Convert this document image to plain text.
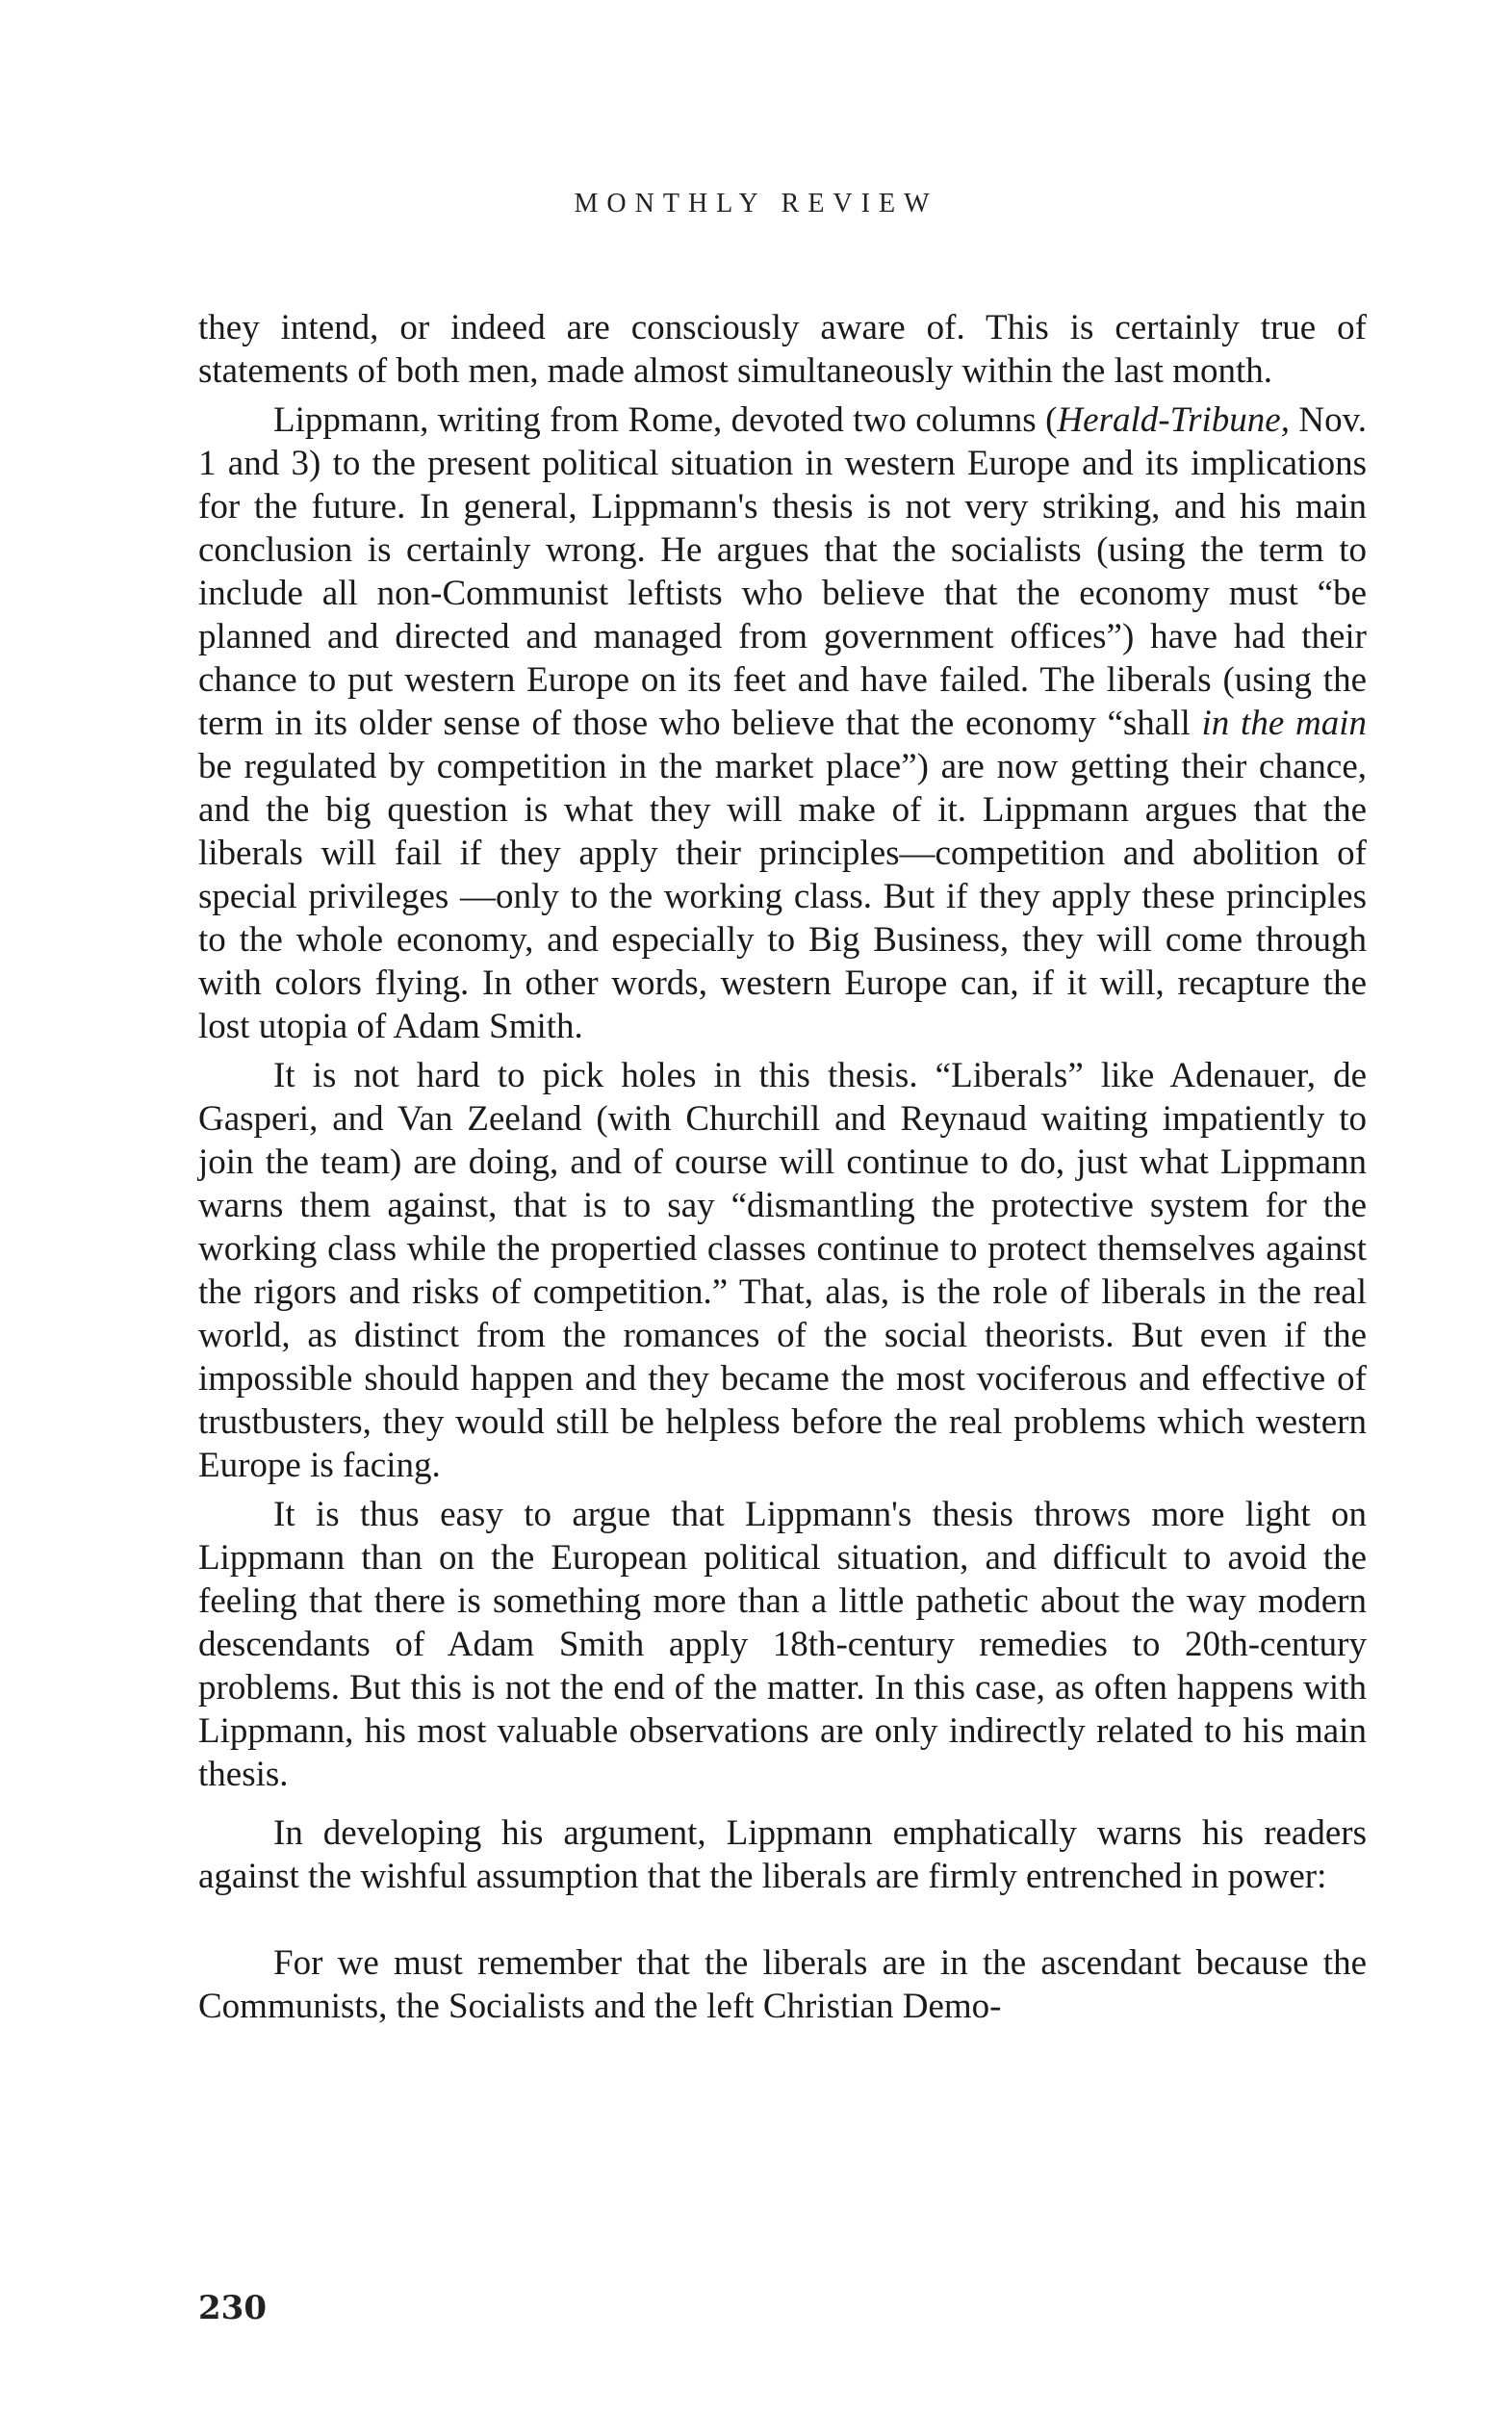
MONTHLY REVIEW

they intend, or indeed are consciously aware of. This is certainly true of statements of both men, made almost simultaneously within the last month.

Lippmann, writing from Rome, devoted two columns (Herald-Tribune, Nov. 1 and 3) to the present political situation in western Europe and its implications for the future. In general, Lippmann's thesis is not very striking, and his main conclusion is certainly wrong. He argues that the socialists (using the term to include all non-Communist leftists who believe that the economy must “be planned and directed and managed from government offices”) have had their chance to put western Europe on its feet and have failed. The liberals (using the term in its older sense of those who believe that the economy “shall in the main be regulated by competition in the market place”) are now getting their chance, and the big question is what they will make of it. Lippmann argues that the liberals will fail if they apply their principles—competition and abolition of special privileges —only to the working class. But if they apply these principles to the whole economy, and especially to Big Business, they will come through with colors flying. In other words, western Europe can, if it will, recapture the lost utopia of Adam Smith.

It is not hard to pick holes in this thesis. “Liberals” like Adenauer, de Gasperi, and Van Zeeland (with Churchill and Reynaud waiting impatiently to join the team) are doing, and of course will continue to do, just what Lippmann warns them against, that is to say “dismantling the protective system for the working class while the propertied classes continue to protect themselves against the rigors and risks of competition.” That, alas, is the role of liberals in the real world, as distinct from the romances of the social theorists. But even if the impossible should happen and they became the most vociferous and effective of trustbusters, they would still be helpless before the real problems which western Europe is facing.

It is thus easy to argue that Lippmann's thesis throws more light on Lippmann than on the European political situation, and difficult to avoid the feeling that there is something more than a little pathetic about the way modern descendants of Adam Smith apply 18th-century remedies to 20th-century problems. But this is not the end of the matter. In this case, as often happens with Lippmann, his most valuable observations are only indirectly related to his main thesis.

In developing his argument, Lippmann emphatically warns his readers against the wishful assumption that the liberals are firmly entrenched in power:

For we must remember that the liberals are in the ascendant because the Communists, the Socialists and the left Christian Demo-

230
